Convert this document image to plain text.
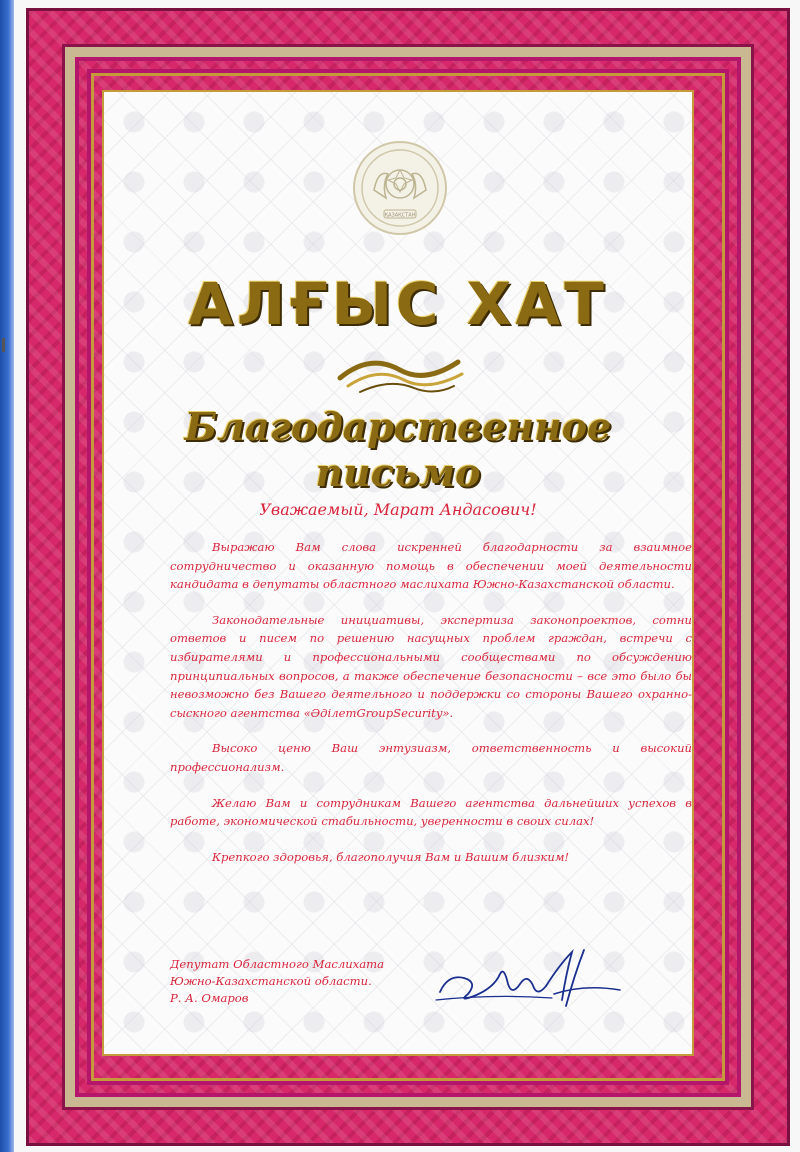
ҚАЗАҚСТАН
АЛҒЫС ХАТ
Благодарственное
письмо
Уважаемый, Марат Андасович!

Выражаю Вам слова искренней благодарности за взаимное сотрудничество и оказанную помощь в обеспечении моей деятельности кандидата в депутаты областного маслихата Южно-Казахстанской области.

Законодательные инициативы, экспертиза законопроектов, сотни ответов и писем по решению насущных проблем граждан, встречи с избирателями и профессиональными сообществами по обсуждению принципиальных вопросов, а также обеспечение безопасности – все это было бы невозможно без Вашего деятельного и поддержки со стороны Вашего охранно-сыскного агентства «ӘділетGroupSecurity».

Высоко ценю Ваш энтузиазм, ответственность и высокий профессионализм.

Желаю Вам и сотрудникам Вашего агентства дальнейших успехов в работе, экономической стабильности, уверенности в своих силах!

Крепкого здоровья, благополучия Вам и Вашим близким!

Депутат Областного Маслихата
Южно-Казахстанской области.
Р. А. Омаров
